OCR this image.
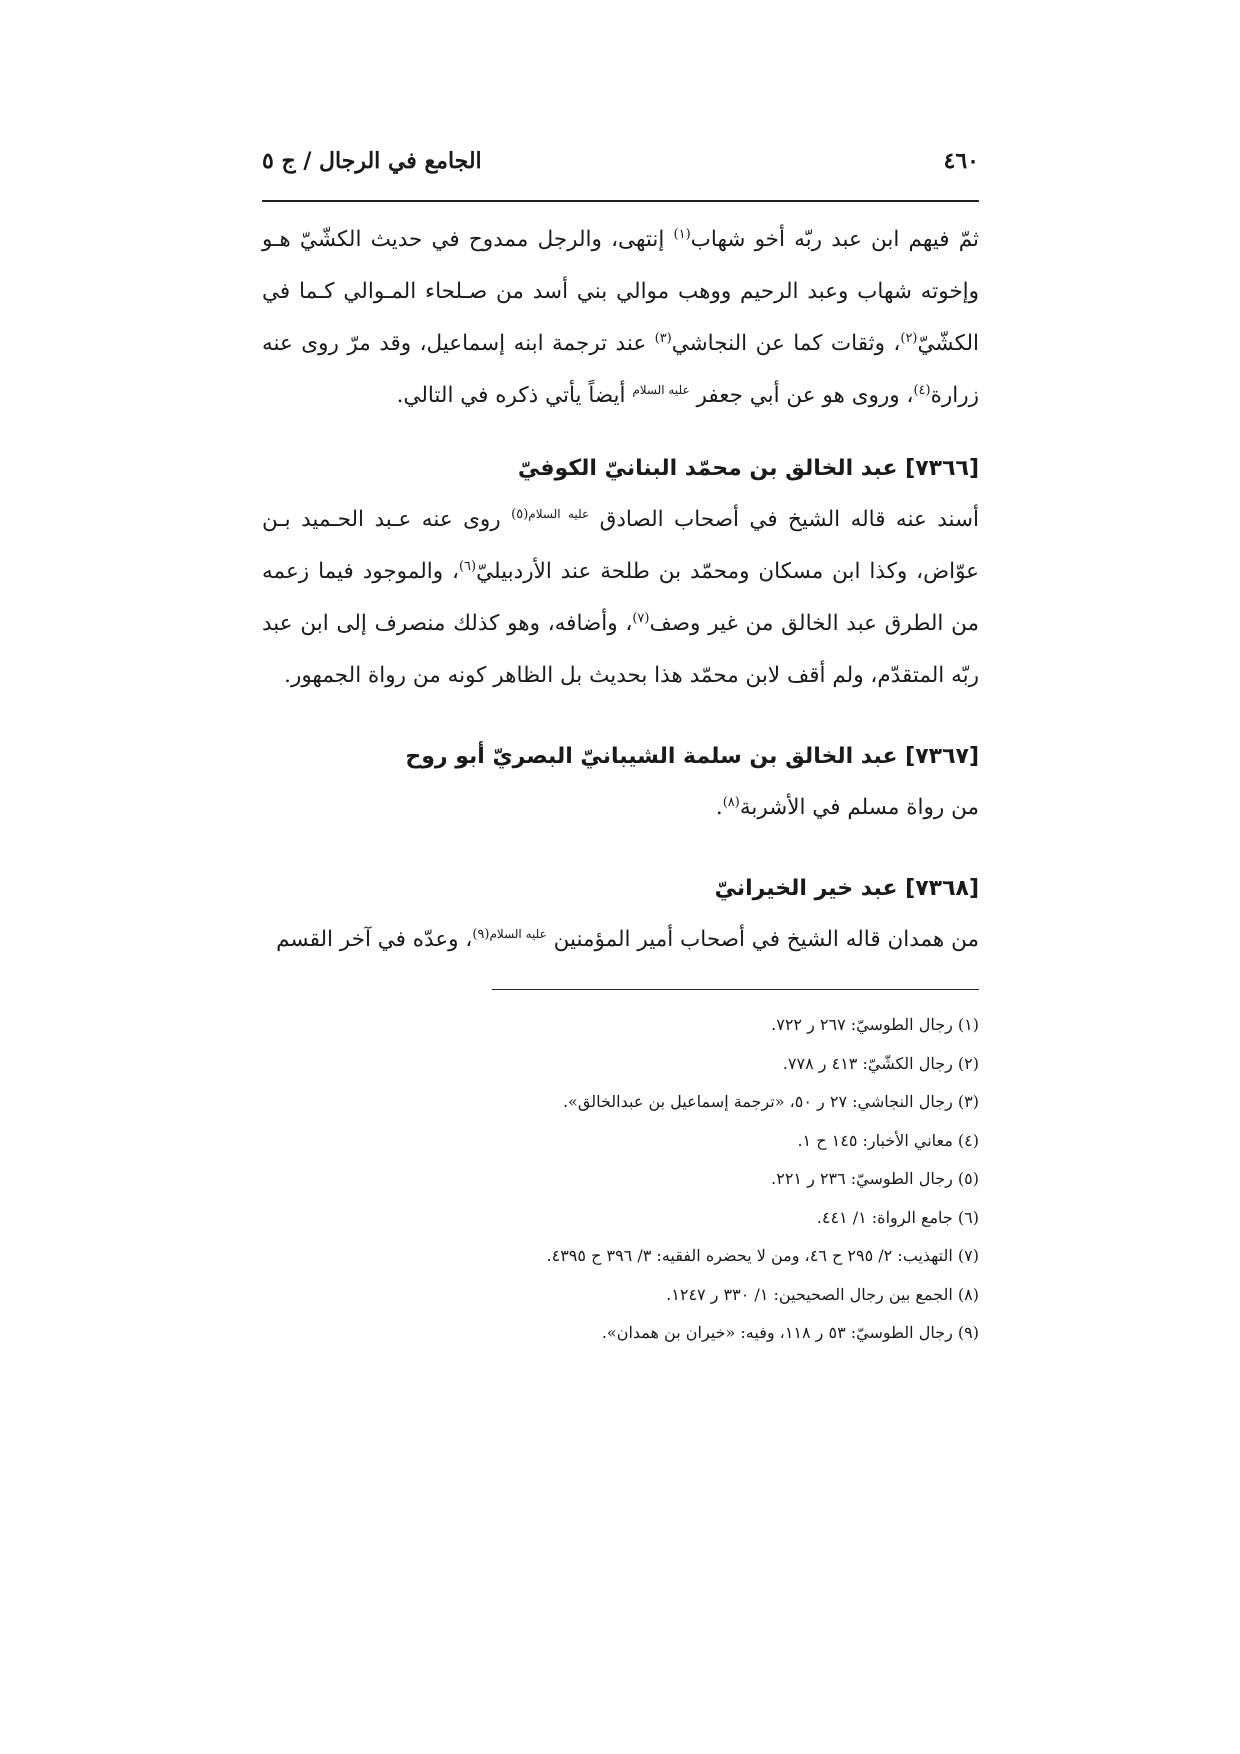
الجامع في الرجال / ج ٥	٤٦٠

ثمّ فيهم ابن عبد ربّه أخو شهاب$^{(١)}$ إنتهى، والرجل ممدوح في حديث الكشّيّ هـو وإخوته شهاب وعبد الرحيم ووهب موالي بني أسد من صـلحاء المـوالي كـما في الكشّيّ$^{(٢)}$، وثقات كما عن النجاشي$^{(٣)}$ عند ترجمة ابنه إسماعيل، وقد مرّ روى عنه زرارة$^{(٤)}$، وروى هو عن أبي جعفر $^{عليه السلام}$ أيضاً يأتي ذكره في التالي.

[٧٣٦٦] عبد الخالق بن محمّد البنانيّ الكوفيّ

أسند عنه قاله الشيخ في أصحاب الصادق $^{عليه السلام(٥)}$ روى عنه عـبد الحـميد بـن عوّاض، وكذا ابن مسكان ومحمّد بن طلحة عند الأردبيليّ$^{(٦)}$، والموجود فيما زعمه من الطرق عبد الخالق من غير وصف$^{(٧)}$، وأضافه، وهو كذلك منصرف إلى ابن عبد ربّه المتقدّم، ولم أقف لابن محمّد هذا بحديث بل الظاهر كونه من رواة الجمهور.

[٧٣٦٧] عبد الخالق بن سلمة الشيبانيّ البصريّ أبو روح

من رواة مسلم في الأشربة$^{(٨)}$.

[٧٣٦٨] عبد خير الخيرانيّ

من همدان قاله الشيخ في أصحاب أمير المؤمنين $^{عليه السلام(٩)}$، وعدّه في آخر القسم

(١) رجال الطوسيّ: ٢٦٧ ر ٧٢٢.

(٢) رجال الكشّيّ: ٤١٣ ر ٧٧٨.

(٣) رجال النجاشي: ٢٧ ر ٥٠، «ترجمة إسماعيل بن عبدالخالق».

(٤) معاني الأخبار: ١٤٥ ح ١.

(٥) رجال الطوسيّ: ٢٣٦ ر ٢٢١.

(٦) جامع الرواة: ١/ ٤٤١.

(٧) التهذيب: ٢/ ٢٩٥ ح ٤٦، ومن لا يحضره الفقيه: ٣/ ٣٩٦ ح ٤٣٩٥.

(٨) الجمع بين رجال الصحيحين: ١/ ٣٣٠ ر ١٢٤٧.

(٩) رجال الطوسيّ: ٥٣ ر ١١٨، وفيه: «خيران بن همدان».
